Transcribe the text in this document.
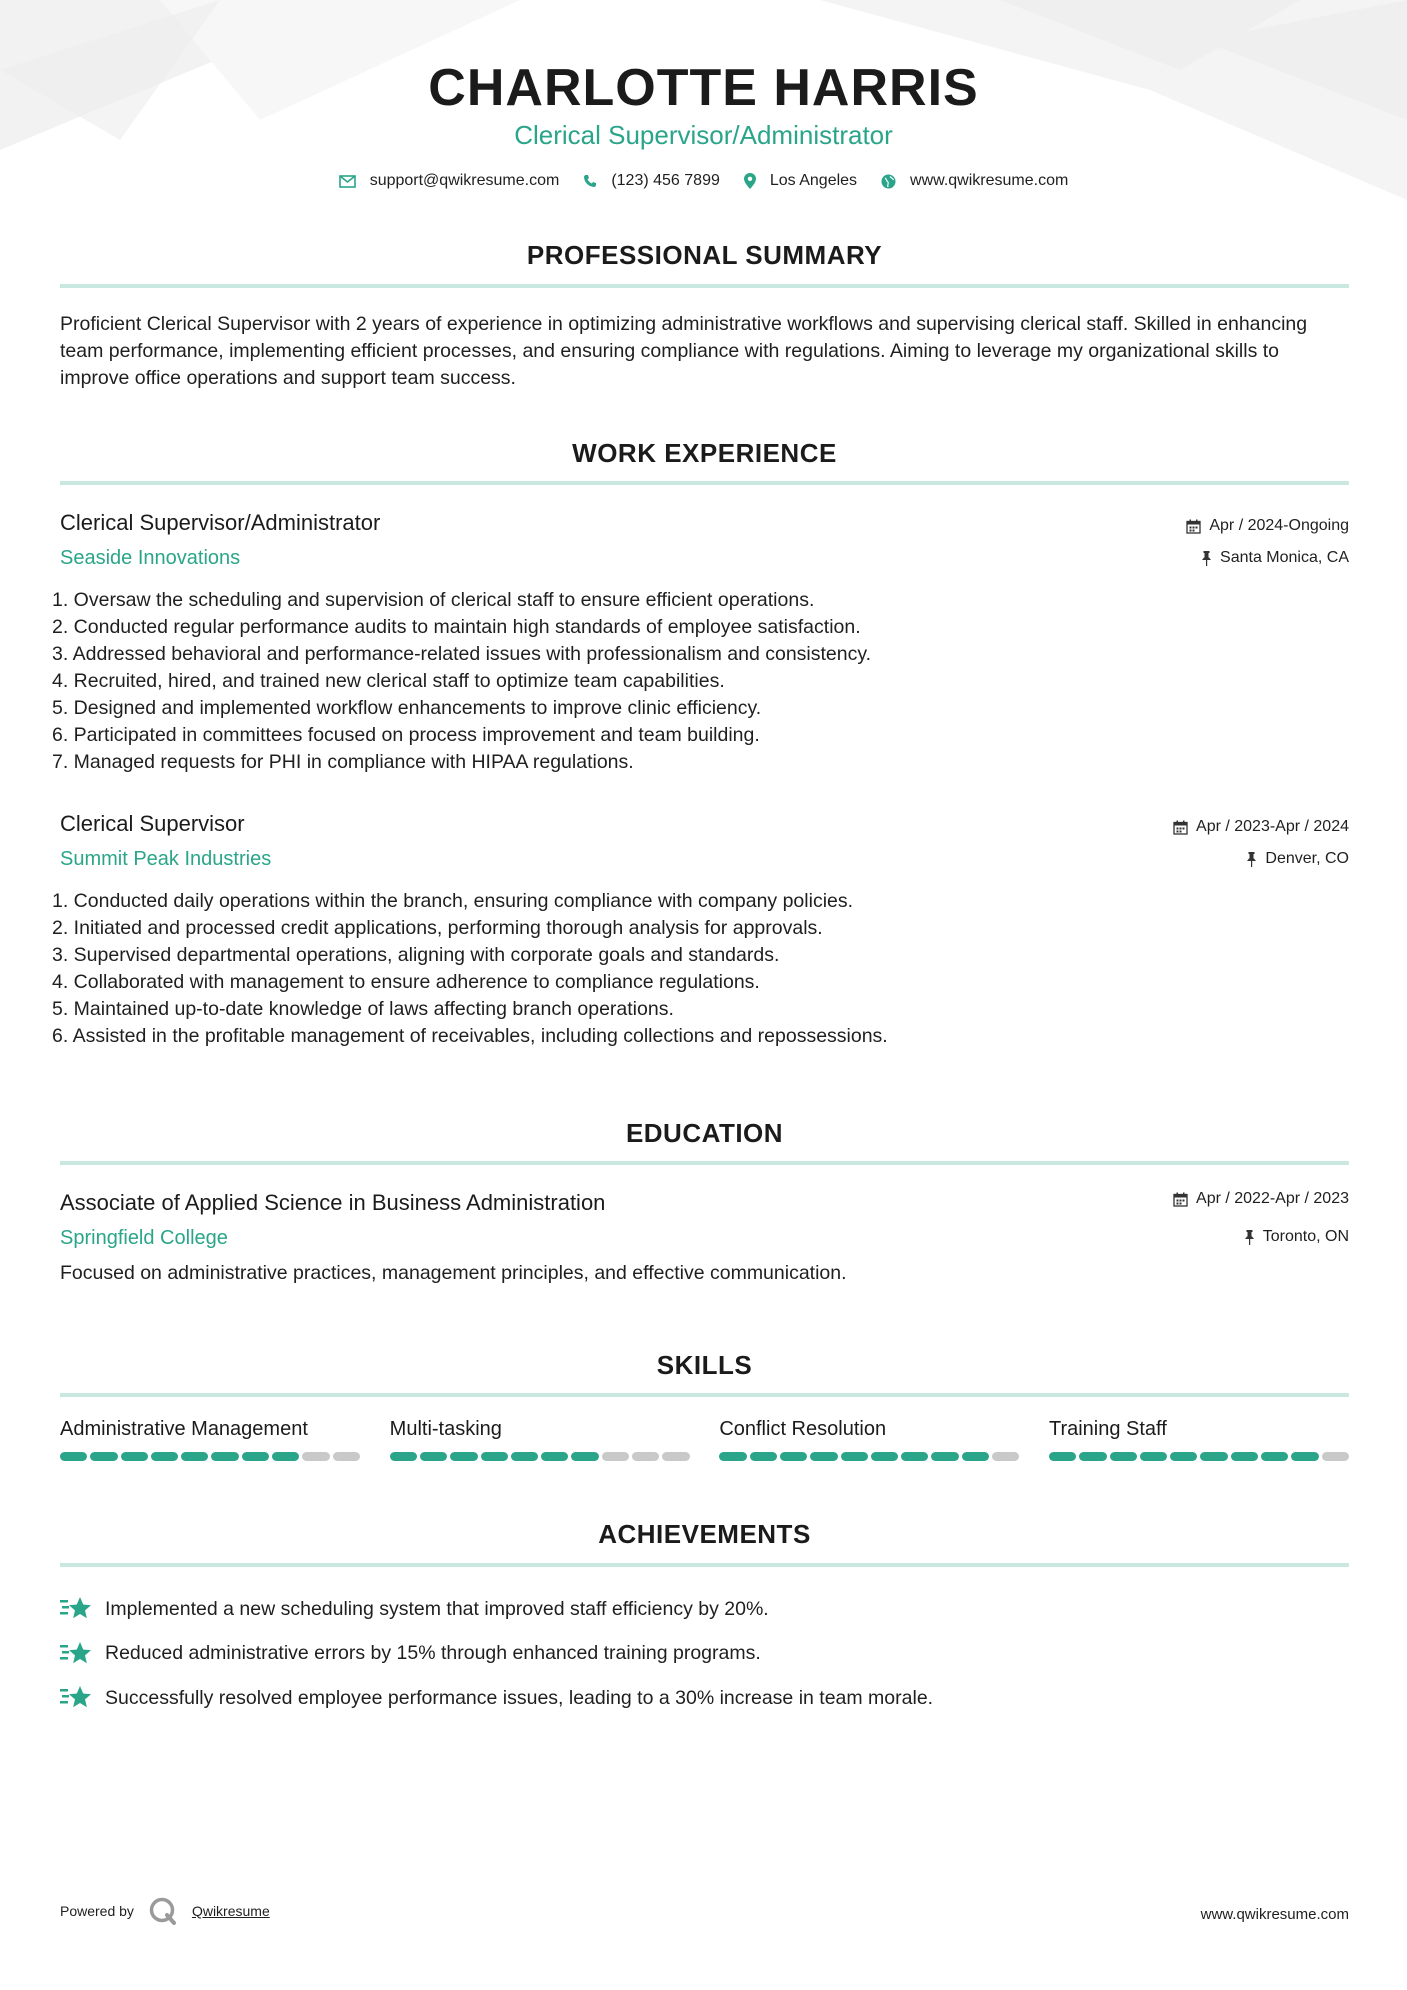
CHARLOTTE HARRIS
Clerical Supervisor/Administrator
support@qwikresume.com	(123) 456 7899	Los Angeles	www.qwikresume.com
PROFESSIONAL SUMMARY
Proficient Clerical Supervisor with 2 years of experience in optimizing administrative workflows and supervising clerical staff. Skilled in enhancing team performance, implementing efficient processes, and ensuring compliance with regulations. Aiming to leverage my organizational skills to improve office operations and support team success.
WORK EXPERIENCE
Clerical Supervisor/Administrator
Seaside Innovations
Apr / 2024-Ongoing
Santa Monica, CA
1. Oversaw the scheduling and supervision of clerical staff to ensure efficient operations.
2. Conducted regular performance audits to maintain high standards of employee satisfaction.
3. Addressed behavioral and performance-related issues with professionalism and consistency.
4. Recruited, hired, and trained new clerical staff to optimize team capabilities.
5. Designed and implemented workflow enhancements to improve clinic efficiency.
6. Participated in committees focused on process improvement and team building.
7. Managed requests for PHI in compliance with HIPAA regulations.
Clerical Supervisor
Summit Peak Industries
Apr / 2023-Apr / 2024
Denver, CO
1. Conducted daily operations within the branch, ensuring compliance with company policies.
2. Initiated and processed credit applications, performing thorough analysis for approvals.
3. Supervised departmental operations, aligning with corporate goals and standards.
4. Collaborated with management to ensure adherence to compliance regulations.
5. Maintained up-to-date knowledge of laws affecting branch operations.
6. Assisted in the profitable management of receivables, including collections and repossessions.
EDUCATION
Associate of Applied Science in Business Administration
Springfield College
Apr / 2022-Apr / 2023
Toronto, ON
Focused on administrative practices, management principles, and effective communication.
SKILLS
Administrative Management	Multi-tasking	Conflict Resolution	Training Staff
ACHIEVEMENTS
Implemented a new scheduling system that improved staff efficiency by 20%.
Reduced administrative errors by 15% through enhanced training programs.
Successfully resolved employee performance issues, leading to a 30% increase in team morale.
Powered by	Qwikresume	www.qwikresume.com
